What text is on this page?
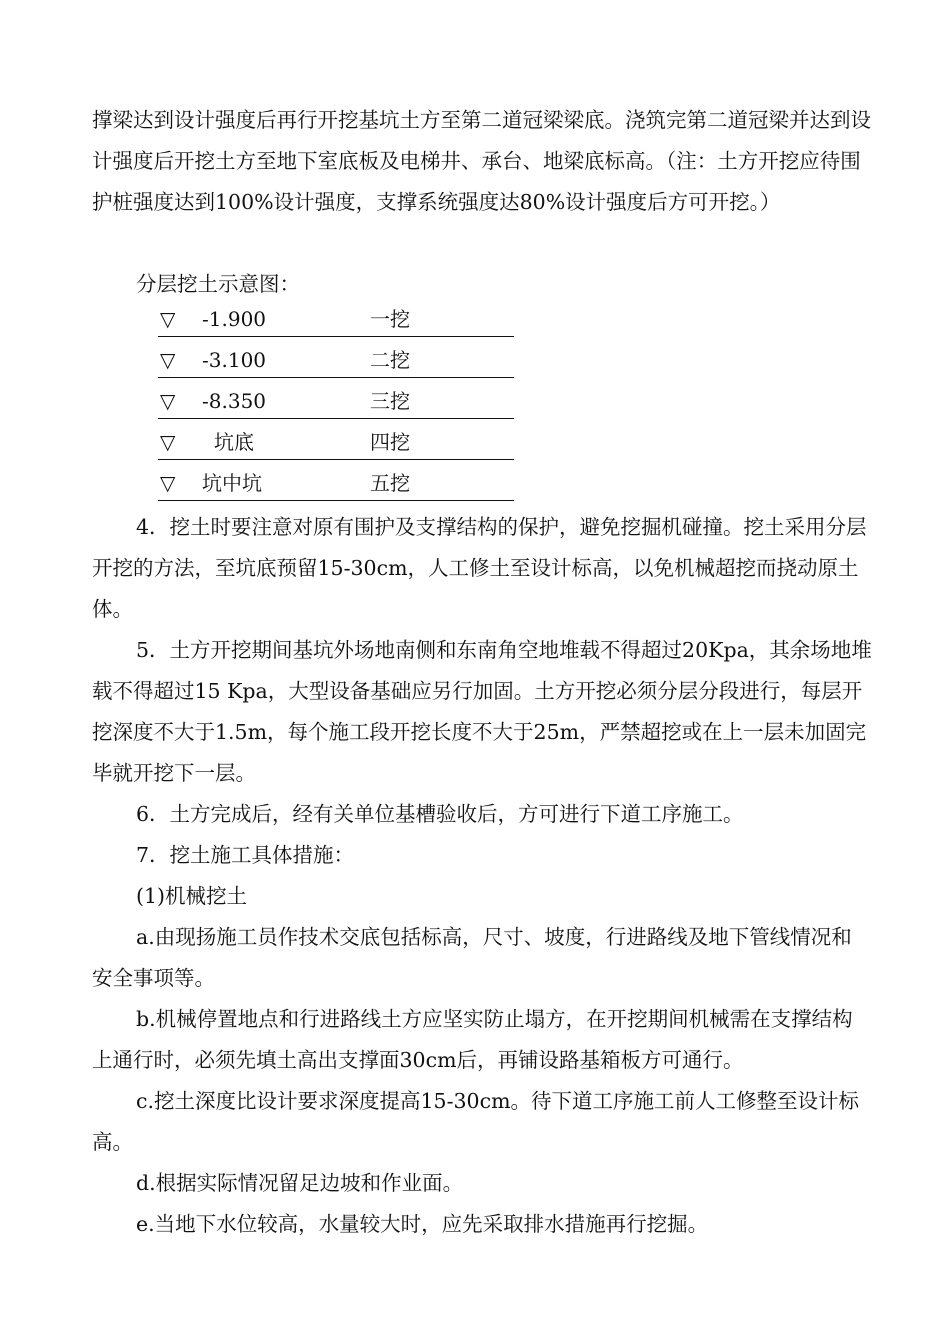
撑梁达到设计强度后再行开挖基坑土方至第二道冠梁梁底。浇筑完第二道冠梁并达到设计强度后开挖土方至地下室底板及电梯井、承台、地梁底标高。（注：土方开挖应待围护桩强度达到100%设计强度，支撑系统强度达80%设计强度后方可开挖。）

分层挖土示意图：

▽ -1.900	一挖
▽ -3.100	二挖
▽ -8.350	三挖
▽ 坑底	四挖
▽ 坑中坑	五挖

4．挖土时要注意对原有围护及支撑结构的保护，避免挖掘机碰撞。挖土采用分层开挖的方法，至坑底预留15-30cm，人工修土至设计标高，以免机械超挖而挠动原土体。

5．土方开挖期间基坑外场地南侧和东南角空地堆载不得超过20Kpa，其余场地堆载不得超过15 Kpa，大型设备基础应另行加固。土方开挖必须分层分段进行，每层开挖深度不大于1.5m，每个施工段开挖长度不大于25m，严禁超挖或在上一层未加固完毕就开挖下一层。

6．土方完成后，经有关单位基槽验收后，方可进行下道工序施工。

7．挖土施工具体措施：

(1)机械挖土

a.由现扬施工员作技术交底包括标高，尺寸、坡度，行进路线及地下管线情况和安全事项等。

b.机械停置地点和行进路线土方应坚实防止塌方，在开挖期间机械需在支撑结构上通行时，必须先填土高出支撑面30cm后，再铺设路基箱板方可通行。

c.挖土深度比设计要求深度提高15-30cm。待下道工序施工前人工修整至设计标高。

d.根据实际情况留足边坡和作业面。

e.当地下水位较高，水量较大时，应先采取排水措施再行挖掘。
